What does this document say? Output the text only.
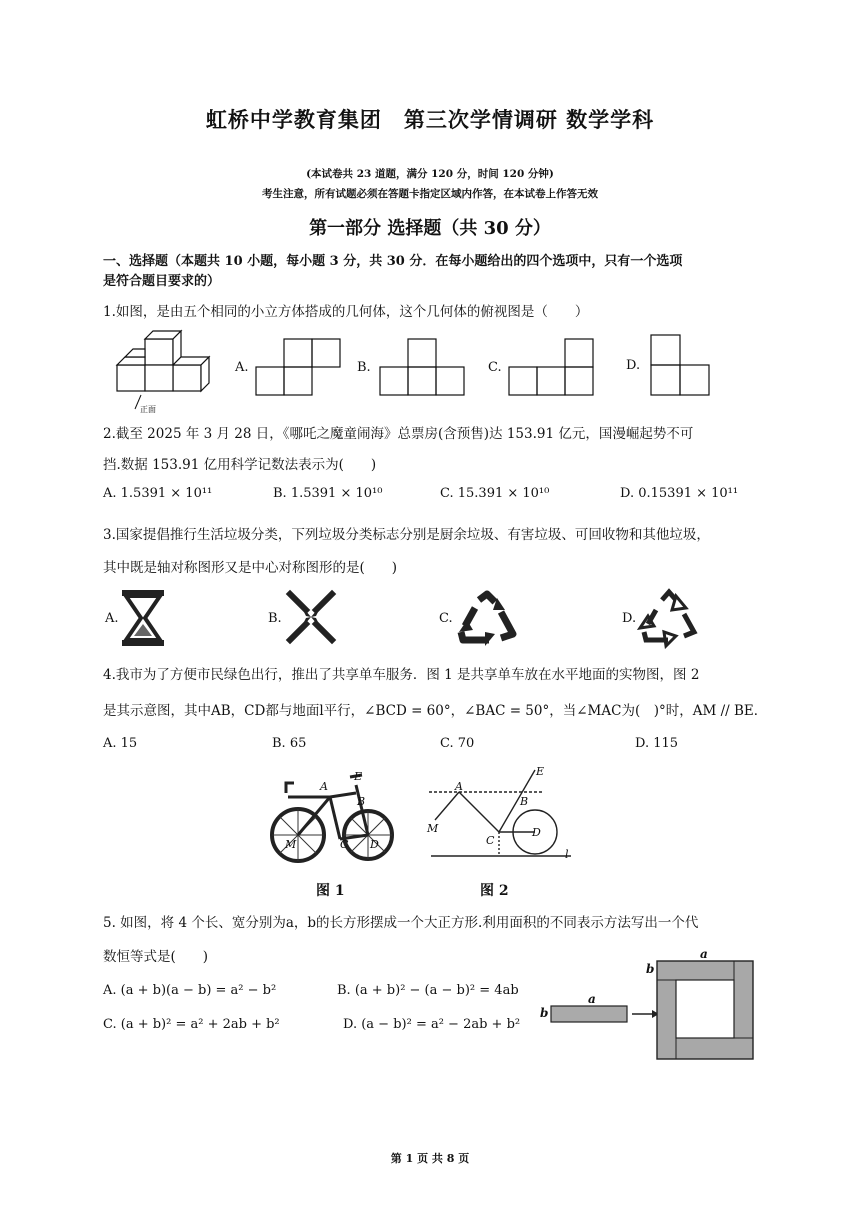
虹桥中学教育集团　第三次学情调研 数学学科
(本试卷共 23 道题，满分 120 分，时间 120 分钟)
考生注意，所有试题必须在答题卡指定区域内作答，在本试卷上作答无效
第一部分 选择题（共 30 分）
一、选择题（本题共 10 小题，每小题 3 分，共 30 分．在每小题给出的四个选项中，只有一个选项
是符合题目要求的）
1.如图，是由五个相同的小立方体搭成的几何体，这个几何体的俯视图是（　　）
正面
A.	B.	C.	D.
2.截至 2025 年 3 月 28 日，《哪吒之魔童闹海》总票房(含预售)达 153.91 亿元，国漫崛起势不可
挡.数据 153.91 亿用科学记数法表示为(　　)
A. 1.5391 × 10¹¹	B. 1.5391 × 10¹⁰	C. 15.391 × 10¹⁰	D. 0.15391 × 10¹¹
3.国家提倡推行生活垃圾分类，下列垃圾分类标志分别是厨余垃圾、有害垃圾、可回收物和其他垃圾，
其中既是轴对称图形又是中心对称图形的是(　　)
A.	B.	C.	D.
4.我市为了方便市民绿色出行，推出了共享单车服务．图 1 是共享单车放在水平地面的实物图，图 2
是其示意图，其中AB，CD都与地面l平行，∠BCD = 60°，∠BAC = 50°，当∠MAC为(　)°时，AM // BE．
A. 15	B. 65	C. 70	D. 115
A
E
B
M	C D
图 1
E
A
B
M
C
D
l
图 2
5. 如图，将 4 个长、宽分别为a，b的长方形摆成一个大正方形.利用面积的不同表示方法写出一个代
数恒等式是(　　)
A. (a + b)(a − b) = a² − b²	B. (a + b)² − (a − b)² = 4ab
C. (a + b)² = a² + 2ab + b²	D. (a − b)² = a² − 2ab + b²
a
b
a
b
第 1 页 共 8 页
